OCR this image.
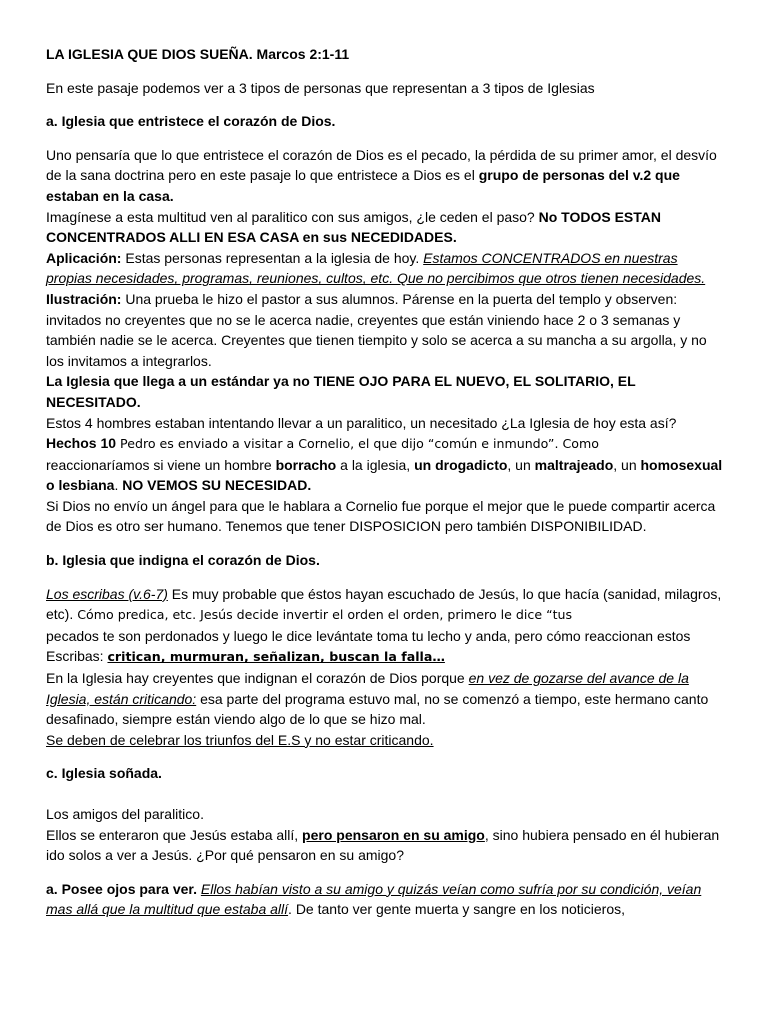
LA IGLESIA QUE DIOS SUEÑA. Marcos 2:1-11

En este pasaje podemos ver a 3 tipos de personas que representan a 3 tipos de Iglesias

a. Iglesia que entristece el corazón de Dios.

Uno pensaría que lo que entristece el corazón de Dios es el pecado, la pérdida de su primer amor, el desvío de la sana doctrina pero en este pasaje lo que entristece a Dios es el grupo de personas del v.2 que estaban en la casa.

Imagínese a esta multitud ven al paralitico con sus amigos, ¿le ceden el paso? No TODOS ESTAN CONCENTRADOS ALLI EN ESA CASA en sus NECEDIDADES.

Aplicación: Estas personas representan a la iglesia de hoy. Estamos CONCENTRADOS en nuestras propias necesidades, programas, reuniones, cultos, etc. Que no percibimos que otros tienen necesidades.

Ilustración: Una prueba le hizo el pastor a sus alumnos. Párense en la puerta del templo y observen: invitados no creyentes que no se le acerca nadie, creyentes que están viniendo hace 2 o 3 semanas y también nadie se le acerca. Creyentes que tienen tiempito y solo se acerca a su mancha a su argolla, y no los invitamos a integrarlos.

La Iglesia que llega a un estándar ya no TIENE OJO PARA EL NUEVO, EL SOLITARIO, EL NECESITADO.

Estos 4 hombres estaban intentando llevar a un paralitico, un necesitado ¿La Iglesia de hoy esta así?

Hechos 10 Pedro es enviado a visitar a Cornelio, el que dijo “común e inmundo”. Como
reaccionaríamos si viene un hombre borracho a la iglesia, un drogadicto, un maltrajeado, un homosexual o lesbiana. NO VEMOS SU NECESIDAD.

Si Dios no envío un ángel para que le hablara a Cornelio fue porque el mejor que le puede compartir acerca de Dios es otro ser humano. Tenemos que tener DISPOSICION pero también DISPONIBILIDAD.

b. Iglesia que indigna el corazón de Dios.

Los escribas (v.6-7) Es muy probable que éstos hayan escuchado de Jesús, lo que hacía (sanidad, milagros, etc). Cómo predica, etc. Jesús decide invertir el orden el orden, primero le dice “tus
pecados te son perdonados y luego le dice levántate toma tu lecho y anda, pero cómo reaccionan estos Escribas: critican, murmuran, señalizan, buscan la falla…

En la Iglesia hay creyentes que indignan el corazón de Dios porque en vez de gozarse del avance de la Iglesia, están criticando: esa parte del programa estuvo mal, no se comenzó a tiempo, este hermano canto desafinado, siempre están viendo algo de lo que se hizo mal.

Se deben de celebrar los triunfos del E.S y no estar criticando.

c. Iglesia soñada.

Los amigos del paralitico.

Ellos se enteraron que Jesús estaba allí, pero pensaron en su amigo, sino hubiera pensado en él hubieran ido solos a ver a Jesús. ¿Por qué pensaron en su amigo?

a. Posee ojos para ver. Ellos habían visto a su amigo y quizás veían como sufría por su condición, veían mas allá que la multitud que estaba allí. De tanto ver gente muerta y sangre en los noticieros,
